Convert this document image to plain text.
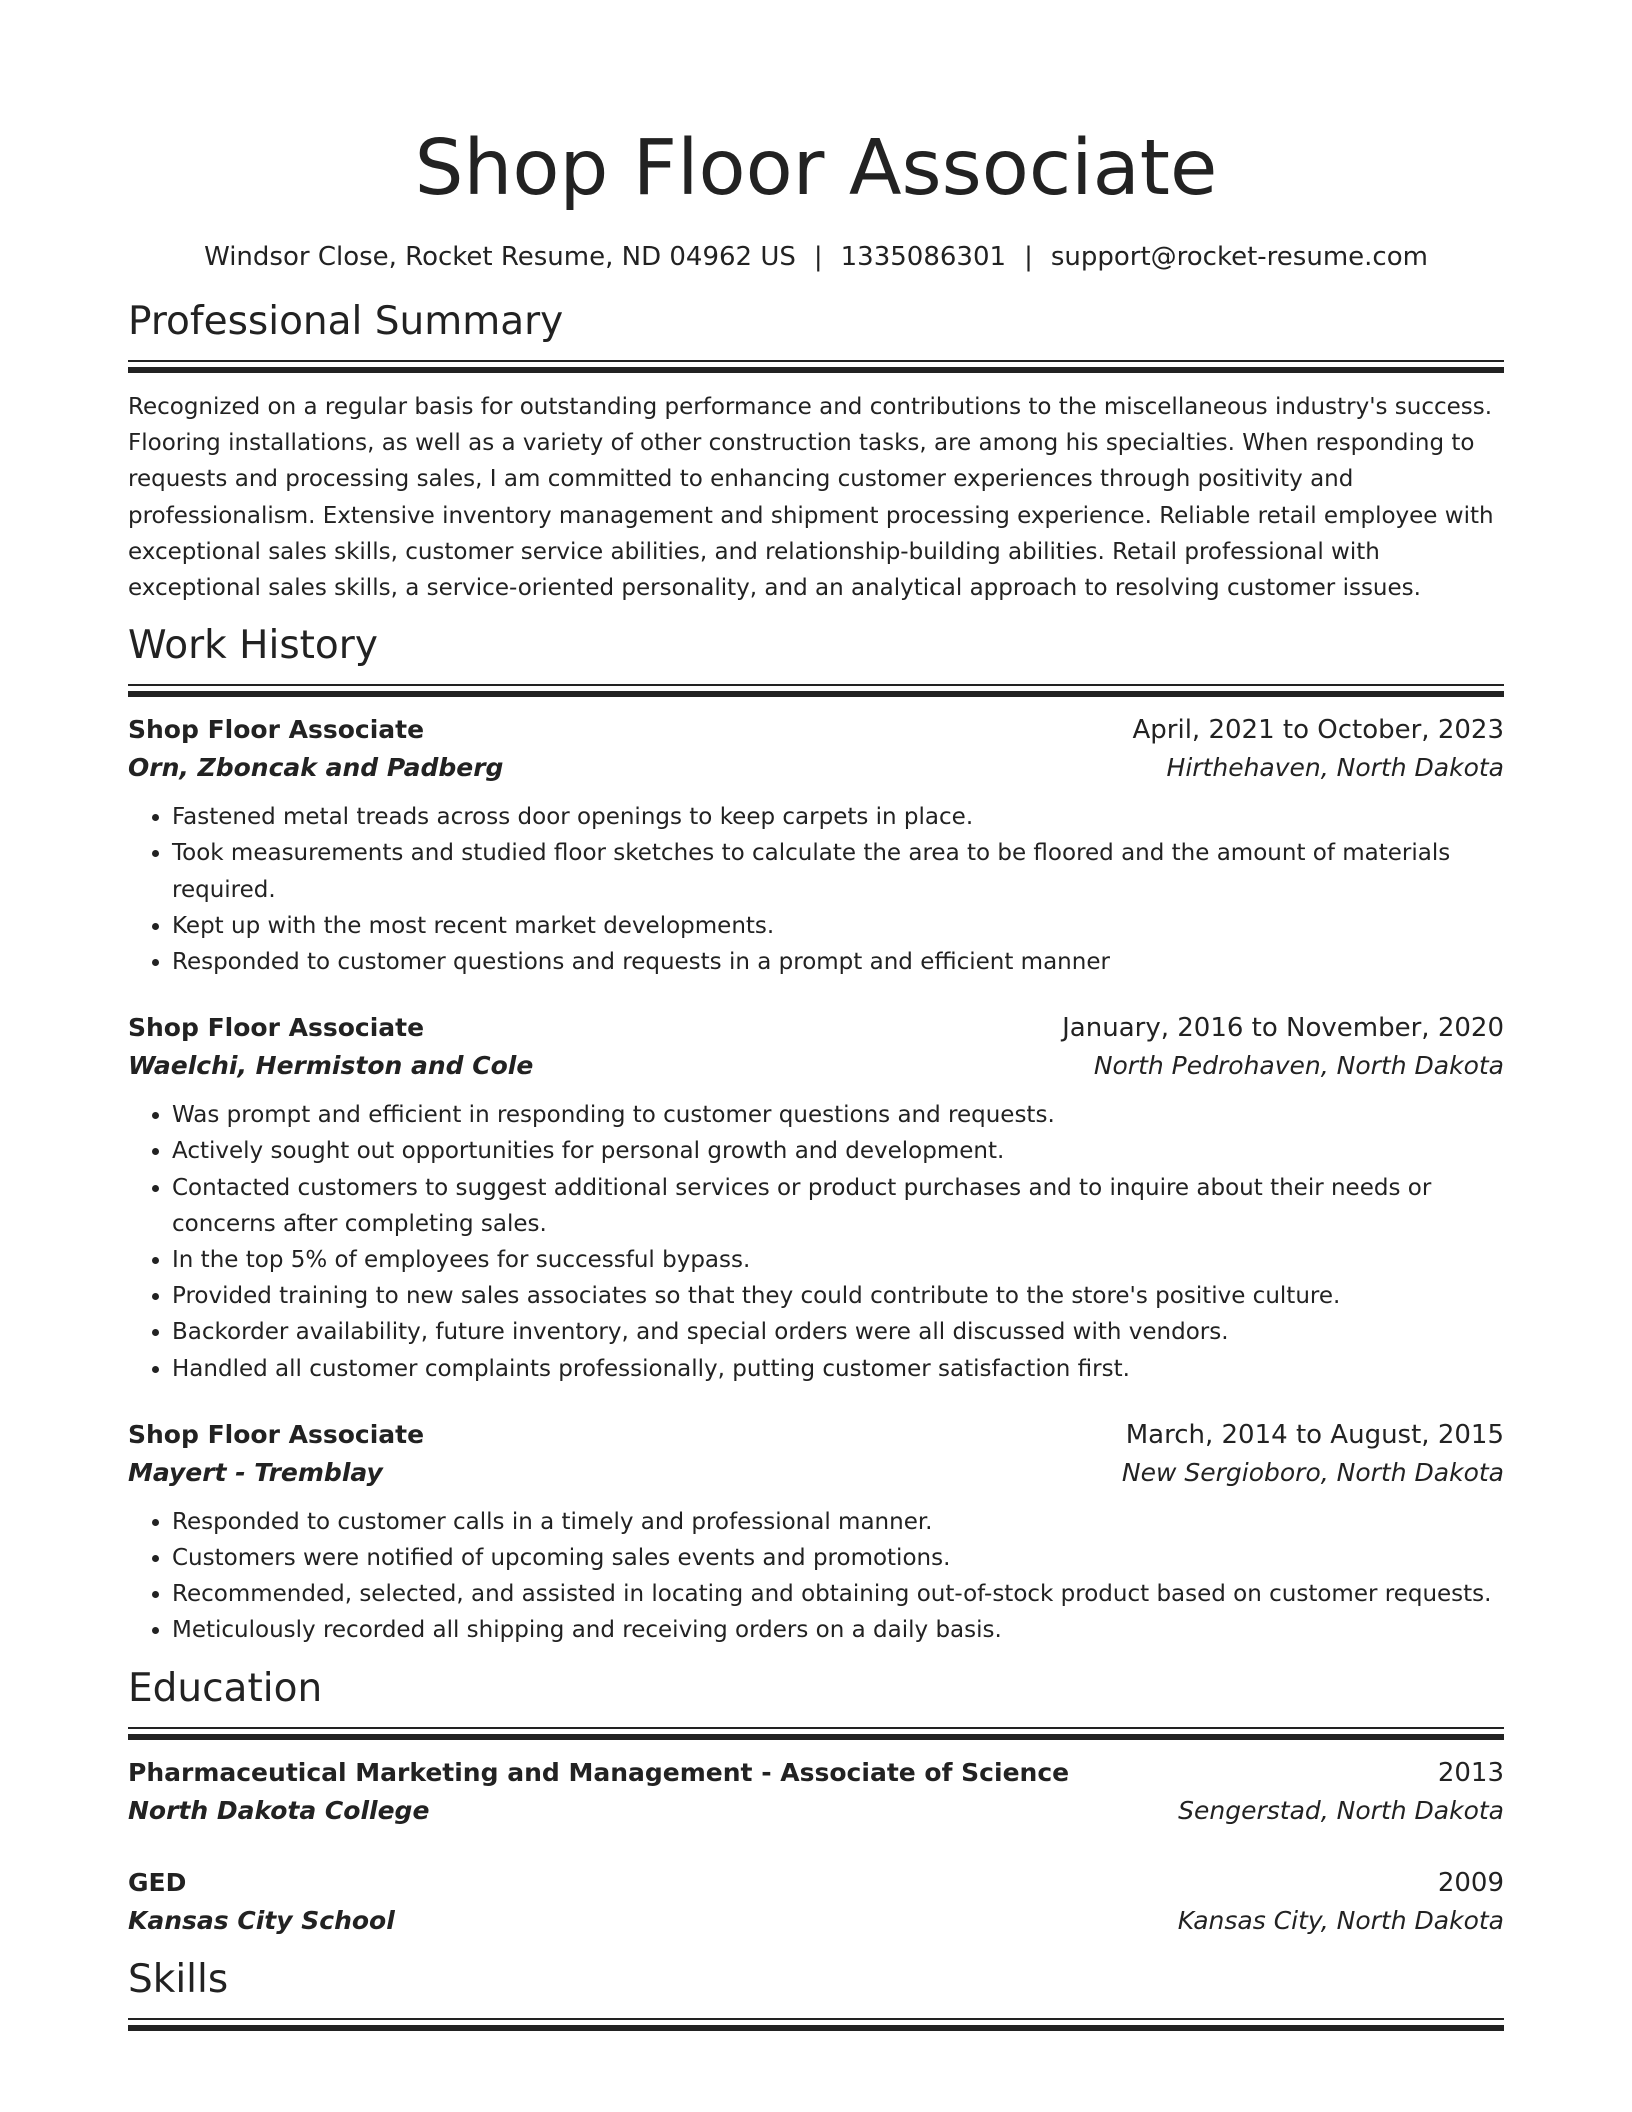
Shop Floor Associate
Windsor Close, Rocket Resume, ND 04962 US | 1335086301 | support@rocket-resume.com
Professional Summary
Recognized on a regular basis for outstanding performance and contributions to the miscellaneous industry's success. Flooring installations, as well as a variety of other construction tasks, are among his specialties. When responding to requests and processing sales, I am committed to enhancing customer experiences through positivity and professionalism. Extensive inventory management and shipment processing experience. Reliable retail employee with exceptional sales skills, customer service abilities, and relationship-building abilities. Retail professional with exceptional sales skills, a service-oriented personality, and an analytical approach to resolving customer issues.
Work History
Shop Floor Associate	April, 2021 to October, 2023
Orn, Zboncak and Padberg	Hirthehaven, North Dakota
• Fastened metal treads across door openings to keep carpets in place.
• Took measurements and studied floor sketches to calculate the area to be floored and the amount of materials required.
• Kept up with the most recent market developments.
• Responded to customer questions and requests in a prompt and efficient manner
Shop Floor Associate	January, 2016 to November, 2020
Waelchi, Hermiston and Cole	North Pedrohaven, North Dakota
• Was prompt and efficient in responding to customer questions and requests.
• Actively sought out opportunities for personal growth and development.
• Contacted customers to suggest additional services or product purchases and to inquire about their needs or concerns after completing sales.
• In the top 5% of employees for successful bypass.
• Provided training to new sales associates so that they could contribute to the store's positive culture.
• Backorder availability, future inventory, and special orders were all discussed with vendors.
• Handled all customer complaints professionally, putting customer satisfaction first.
Shop Floor Associate	March, 2014 to August, 2015
Mayert - Tremblay	New Sergioboro, North Dakota
• Responded to customer calls in a timely and professional manner.
• Customers were notified of upcoming sales events and promotions.
• Recommended, selected, and assisted in locating and obtaining out-of-stock product based on customer requests.
• Meticulously recorded all shipping and receiving orders on a daily basis.
Education
Pharmaceutical Marketing and Management - Associate of Science	2013
North Dakota College	Sengerstad, North Dakota
GED	2009
Kansas City School	Kansas City, North Dakota
Skills
